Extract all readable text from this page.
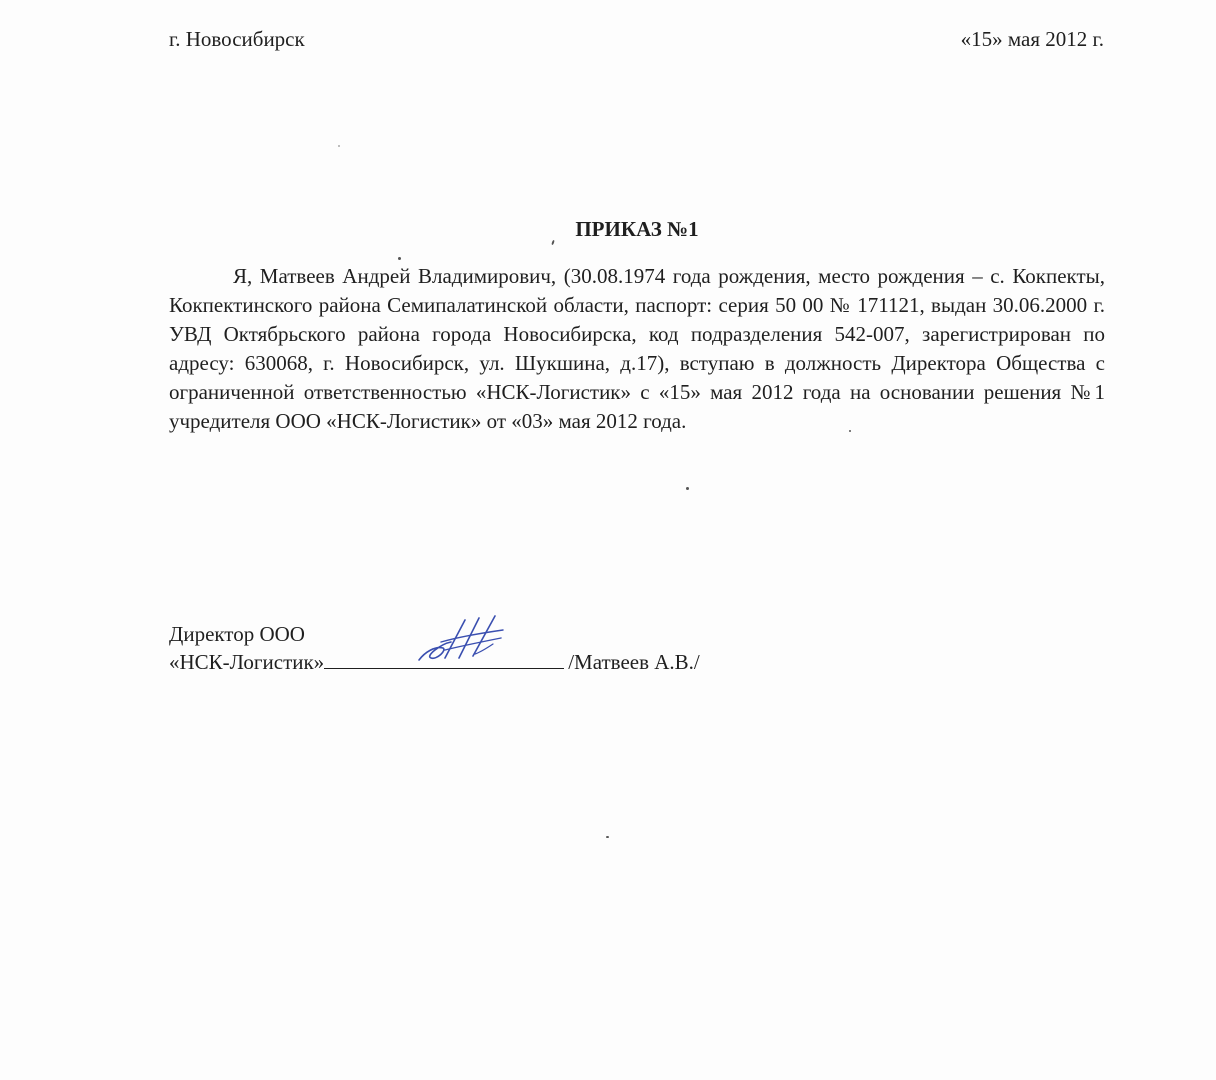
г. Новосибирск	«15» мая 2012 г.
ПРИКАЗ №1

Я, Матвеев Андрей Владимирович, (30.08.1974 года рождения, место рождения – с. Кокпекты, Кокпектинского района Семипалатинской области, паспорт: серия 50 00 № 171121, выдан 30.06.2000 г. УВД Октябрьского района города Новосибирска, код подразделения 542-007, зарегистрирован по адресу: 630068, г. Новосибирск, ул. Шукшина, д.17), вступаю в должность Директора Общества с ограниченной ответственностью «НСК-Логистик» с «15» мая 2012 года на основании решения №1 учредителя ООО «НСК-Логистик» от «03» мая 2012 года.

Директор ООО
«НСК-Логистик»	/Матвеев А.В./
